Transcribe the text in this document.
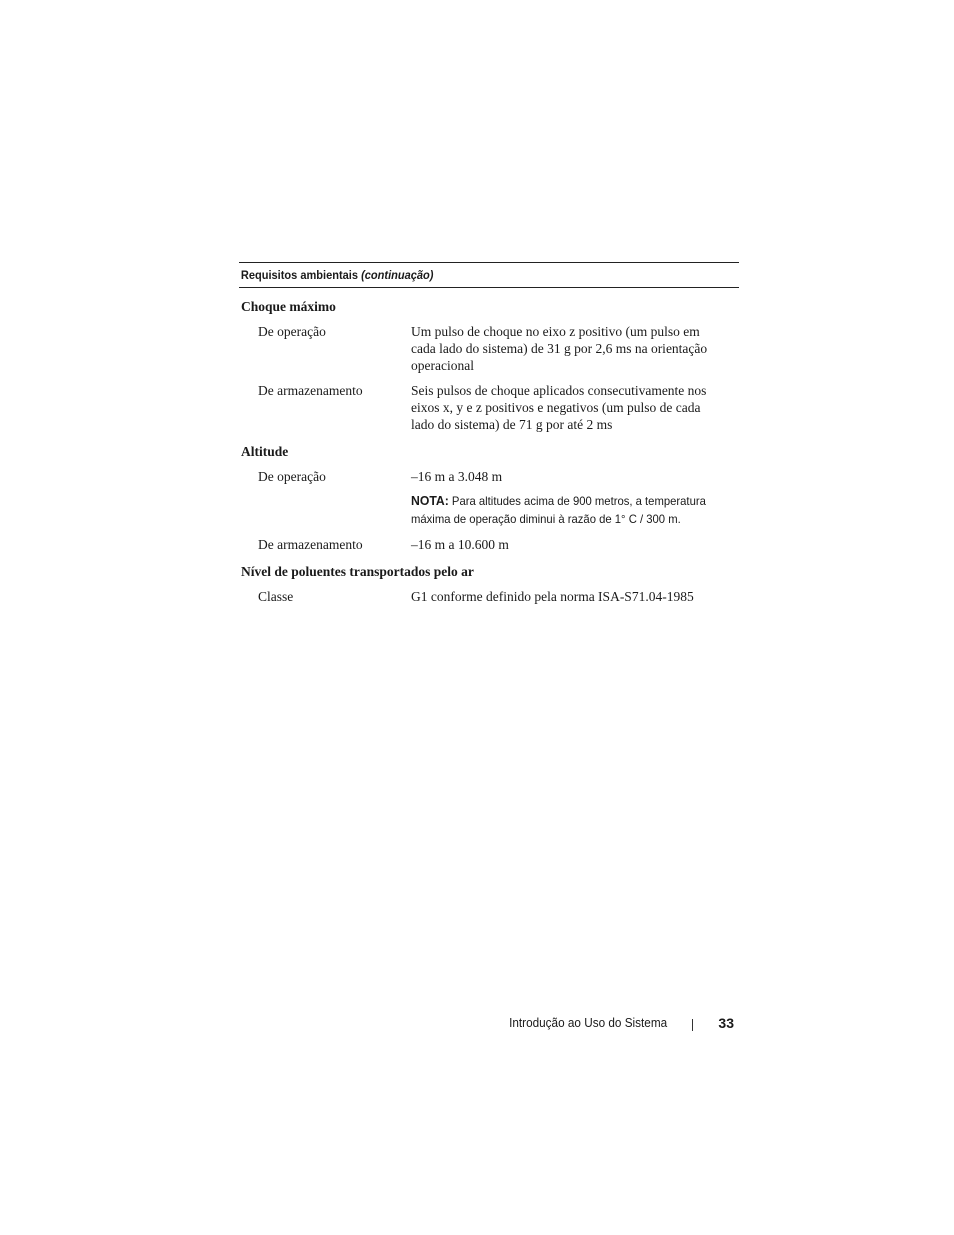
Requisitos ambientais (continuação)
Choque máximo
De operação	Um pulso de choque no eixo z positivo (um pulso em cada lado do sistema) de 31 g por 2,6 ms na orientação operacional
De armazenamento	Seis pulsos de choque aplicados consecutivamente nos eixos x, y e z positivos e negativos (um pulso de cada lado do sistema) de 71 g por até 2 ms
Altitude
De operação	–16 m a 3.048 m
NOTA: Para altitudes acima de 900 metros, a temperatura máxima de operação diminui à razão de 1° C / 300 m.
De armazenamento	–16 m a 10.600 m
Nível de poluentes transportados pelo ar
Classe	G1 conforme definido pela norma ISA-S71.04-1985
Introdução ao Uso do Sistema	33
